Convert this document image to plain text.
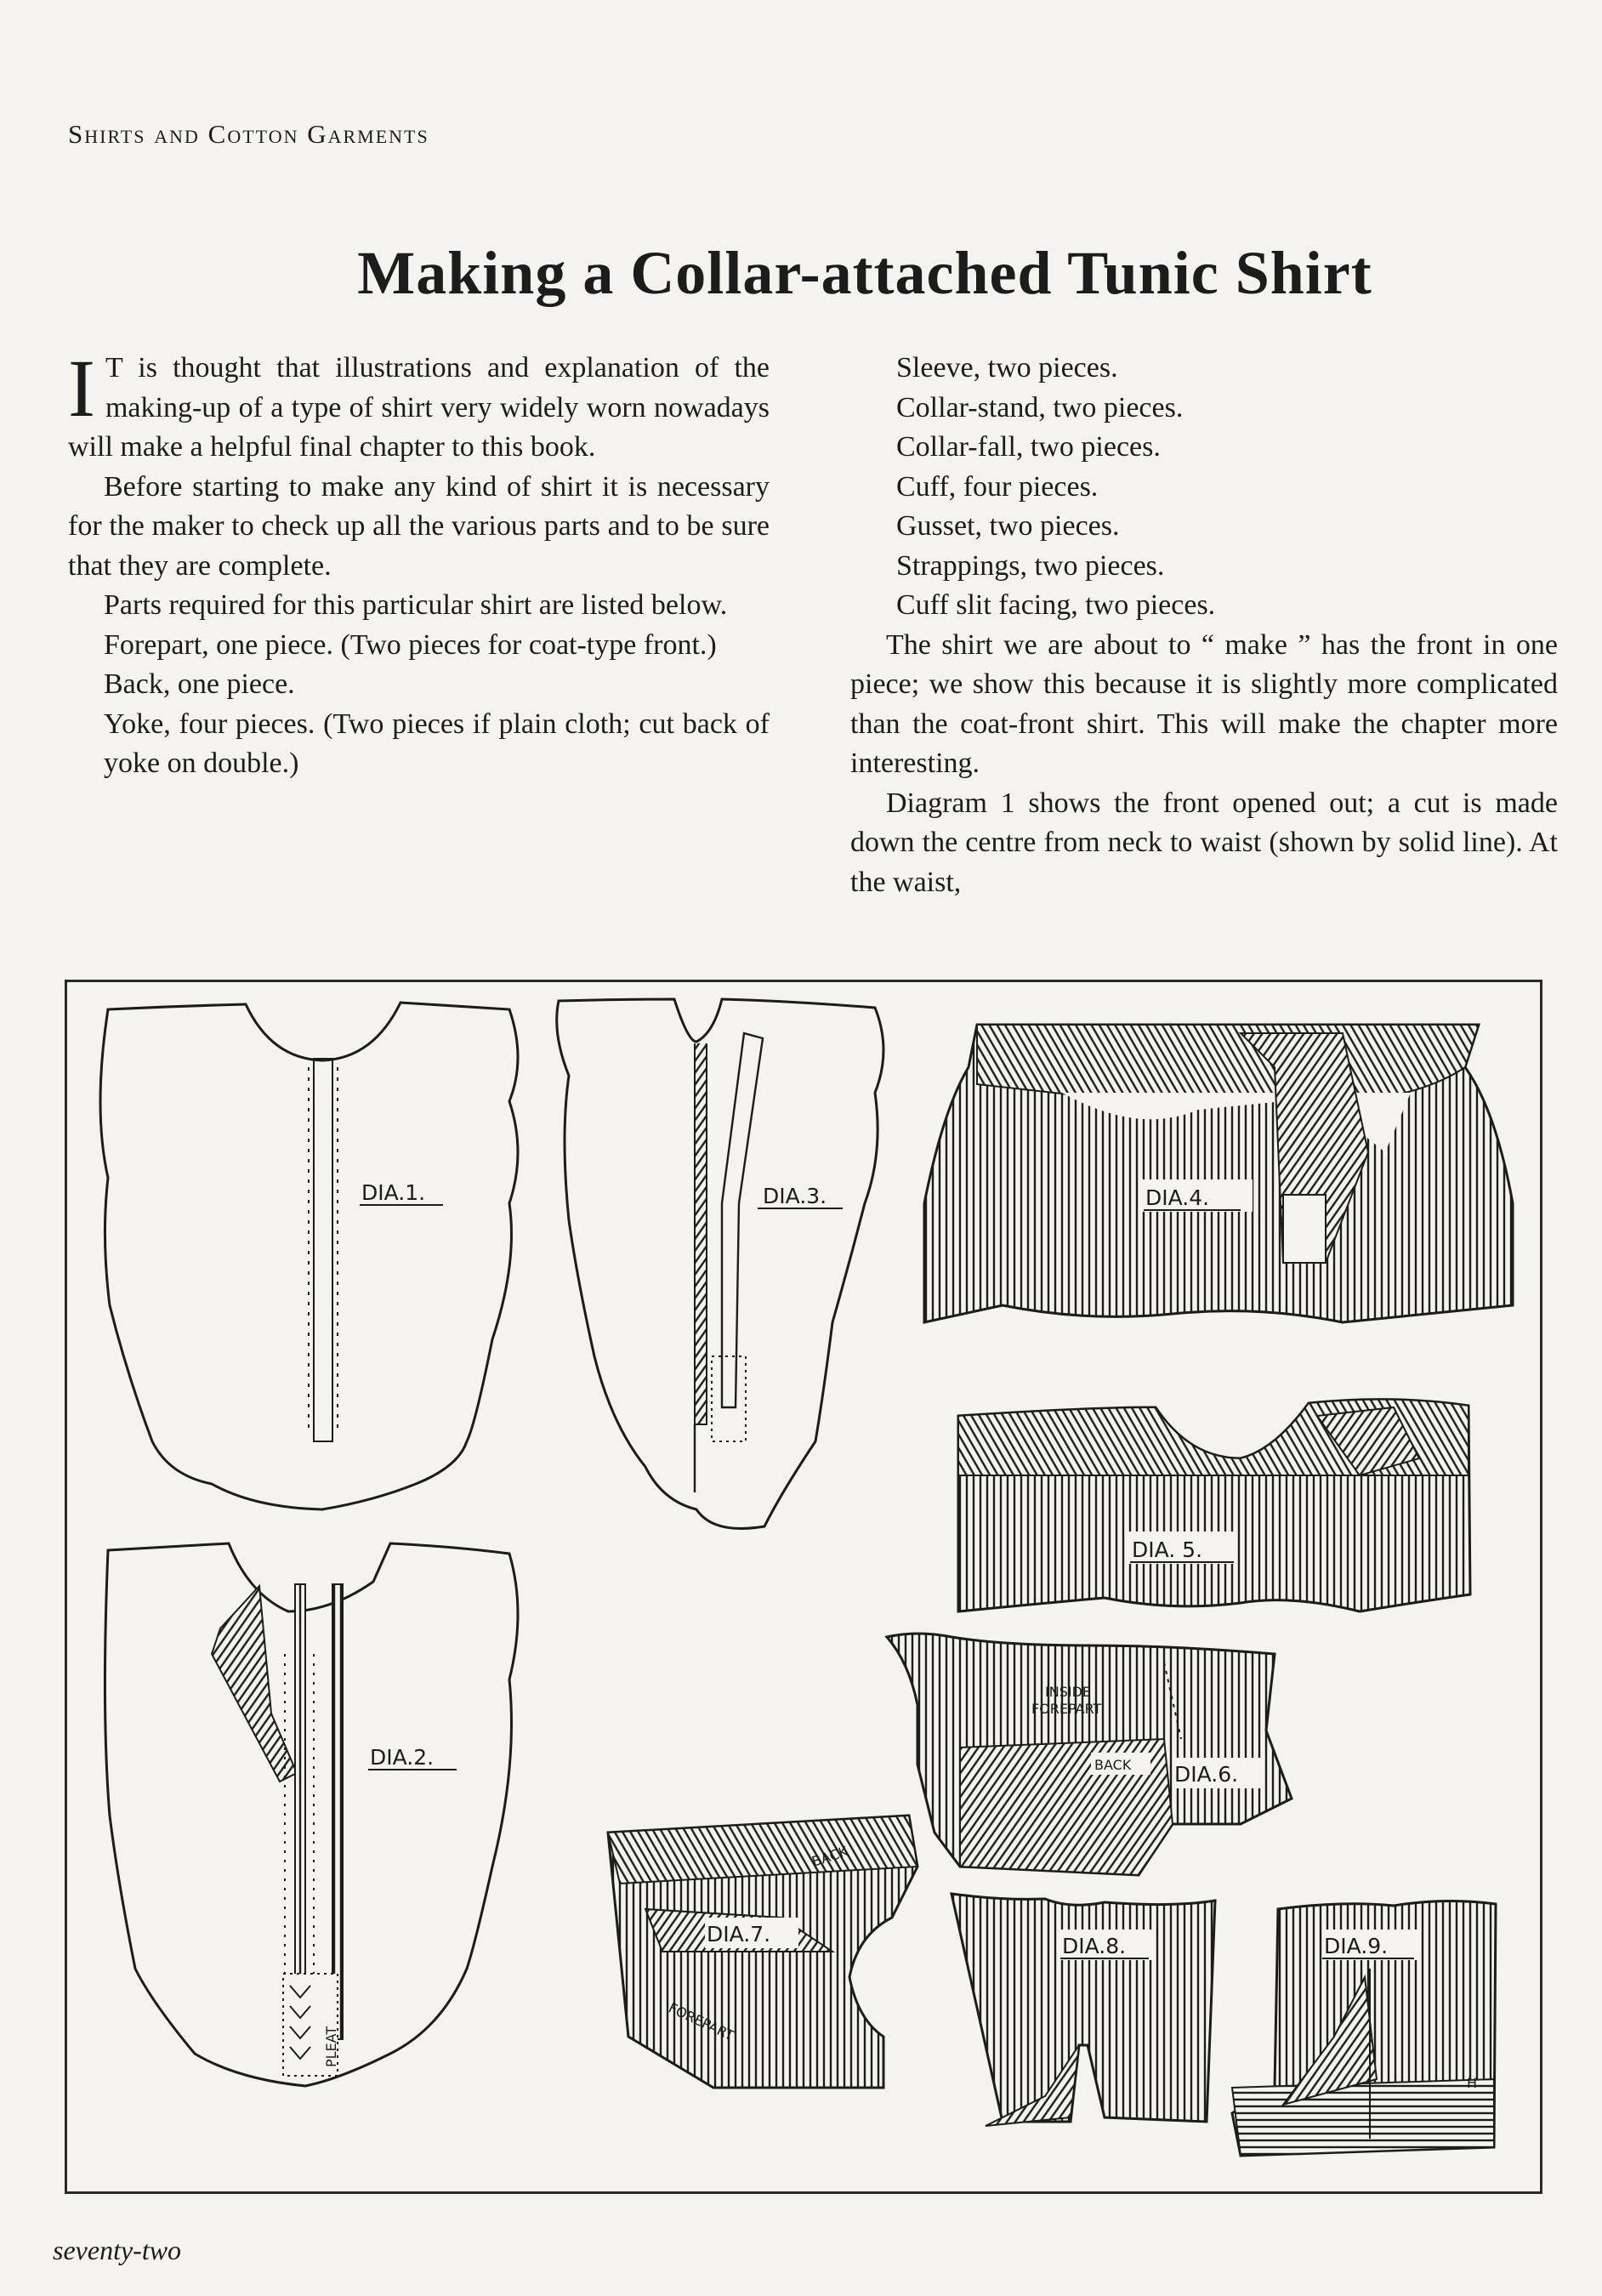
Shirts and Cotton Garments
Making a Collar-attached Tunic Shirt

I T is thought that illustrations and explanation of the making-up of a type of shirt very widely worn nowadays will make a helpful final chapter to this book.

Before starting to make any kind of shirt it is necessary for the maker to check up all the various parts and to be sure that they are complete.

Parts required for this particular shirt are listed below.

Forepart, one piece. (Two pieces for coat-type front.)

Back, one piece.

Yoke, four pieces. (Two pieces if plain cloth; cut back of yoke on double.)

Sleeve, two pieces.

Collar-stand, two pieces.

Collar-fall, two pieces.

Cuff, four pieces.

Gusset, two pieces.

Strappings, two pieces.

Cuff slit facing, two pieces.

The shirt we are about to “ make ” has the front in one piece; we show this because it is slightly more complicated than the coat-front shirt. This will make the chapter more interesting.

Diagram 1 shows the front opened out; a cut is made down the centre from neck to waist (shown by solid line). At the waist,

DIA.1.	DIA.3.
PLEAT
DIA.2.
DIA.4.
DIA. 5.
BACK
INSIDE
FOREPART
DIA.6.
BACK
DIA.7.
FOREPART
DIA.8.	DIA.9.
H
seventy-two
